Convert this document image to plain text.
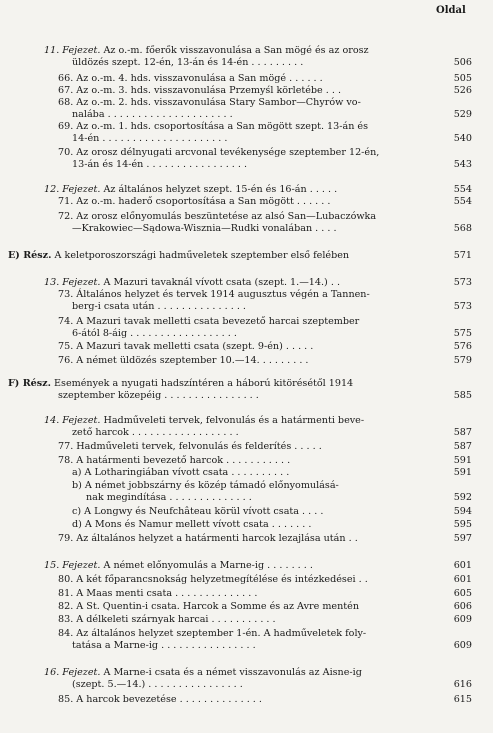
Oldal
11. Fejezet. Az o.-m. főerők visszavonulása a San mögé és az orosz
üldözés szept. 12-én, 13-án és 14-én . . . . . . . . .	506
66. Az o.-m. 4. hds. visszavonulása a San mögé . . . . . .	505
67. Az o.-m. 3. hds. visszavonulása Przemyśl körletébe . . .	526
68. Az o.-m. 2. hds. visszavonulása Stary Sambor—Chyrów vo-
nalába . . . . . . . . . . . . . . . . . . . . .	529
69. Az o.-m. 1. hds. csoportosítása a San mögött szept. 13-án és
14-én . . . . . . . . . . . . . . . . . . . . .	540
70. Az orosz délnyugati arcvonal tevékenysége szeptember 12-én,
13-án és 14-én . . . . . . . . . . . . . . . . .	543
12. Fejezet. Az általános helyzet szept. 15-én és 16-án . . . . .	554
71. Az o.-m. haderő csoportosítása a San mögött . . . . . .	554
72. Az orosz előnyomulás beszüntetése az alsó San—Lubaczówka
—Krakowiec—Sądowa-Wisznia—Rudki vonalában . . . .	568
E) Rész. A keletporoszországi hadműveletek szeptember első felében	571
13. Fejezet. A Mazuri tavaknál vívott csata (szept. 1.—14.) . .	573
73. Általános helyzet és tervek 1914 augusztus végén a Tannen-
berg-i csata után . . . . . . . . . . . . . . .	573
74. A Mazuri tavak melletti csata bevezető harcai szeptember
6-ától 8-áig . . . . . . . . . . . . . . . . . .	575
75. A Mazuri tavak melletti csata (szept. 9-én) . . . . .	576
76. A német üldözés szeptember 10.—14. . . . . . . . .	579
F) Rész. Események a nyugati hadszíntéren a háború kitörésétől 1914
szeptember közepéig . . . . . . . . . . . . . . . .	585
14. Fejezet. Hadműveleti tervek, felvonulás és a határmenti beve-
zető harcok . . . . . . . . . . . . . . . . . .	587
77. Hadműveleti tervek, felvonulás és felderítés . . . . .	587
78. A határmenti bevezető harcok . . . . . . . . . . .	591
a) A Lotharingiában vívott csata . . . . . . . . . .	591
b) A német jobbszárny és közép támadó előnyomulásá-
nak megindítása . . . . . . . . . . . . . .	592
c) A Longwy és Neufchâteau körül vívott csata . . . .	594
d) A Mons és Namur mellett vívott csata . . . . . . .	595
79. Az általános helyzet a határmenti harcok lezajlása után . .	597
15. Fejezet. A német előnyomulás a Marne-ig . . . . . . . .	601
80. A két főparancsnokság helyzetmegítélése és intézkedései . .	601
81. A Maas menti csata . . . . . . . . . . . . . .	605
82. A St. Quentin-i csata. Harcok a Somme és az Avre mentén	606
83. A délkeleti szárnyak harcai . . . . . . . . . . .	609
84. Az általános helyzet szeptember 1-én. A hadműveletek foly-
tatása a Marne-ig . . . . . . . . . . . . . . . .	609
16. Fejezet. A Marne-i csata és a német visszavonulás az Aisne-ig
(szept. 5.—14.) . . . . . . . . . . . . . . . .	616
85. A harcok bevezetése . . . . . . . . . . . . . .	615
